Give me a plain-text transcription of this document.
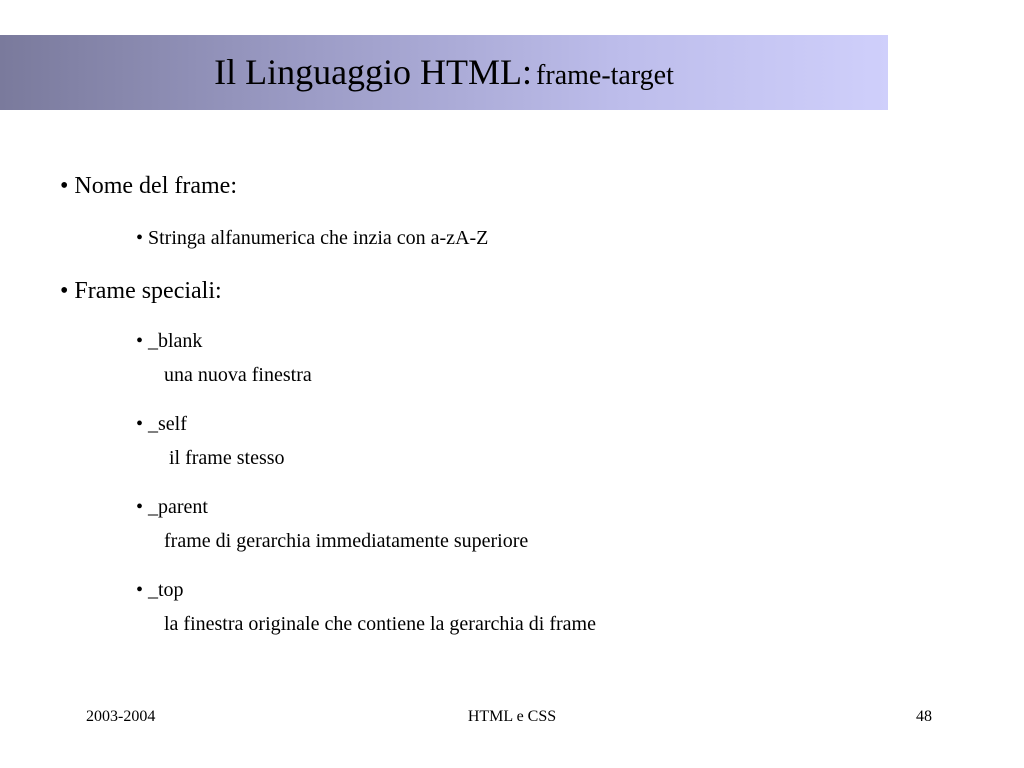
Il Linguaggio HTML: frame-target
• Nome del frame:
• Stringa alfanumerica che inzia con a-zA-Z
• Frame speciali:
• _blank
una nuova finestra
• _self
il frame stesso
• _parent
frame di gerarchia immediatamente superiore
• _top
la finestra originale che contiene la gerarchia di frame
2003-2004	HTML e CSS	48
